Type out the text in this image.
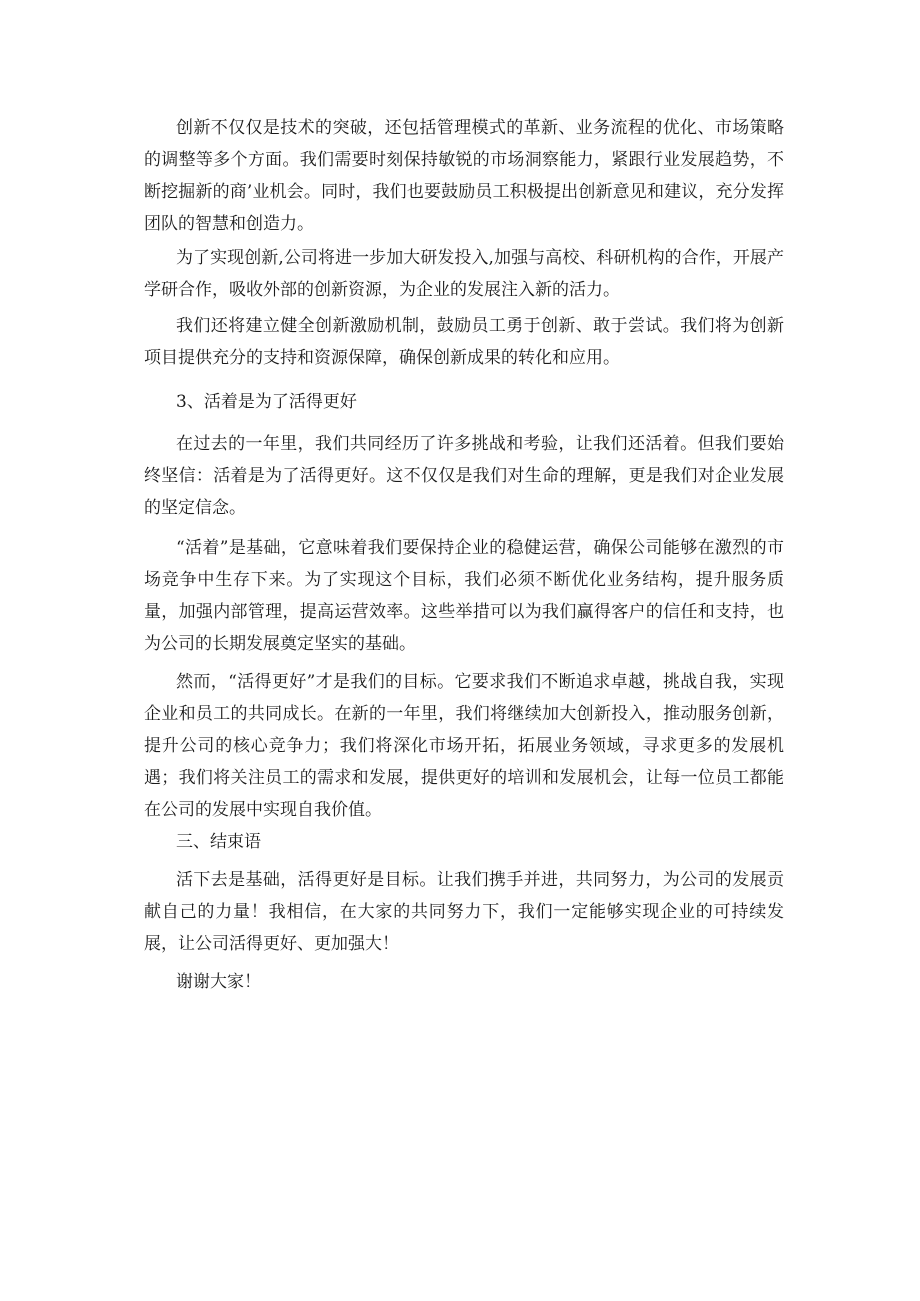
创新不仅仅是技术的突破，还包括管理模式的革新、业务流程的优化、市场策略的调整等多个方面。我们需要时刻保持敏锐的市场洞察能力，紧跟行业发展趋势，不断挖掘新的商’业机会。同时，我们也要鼓励员工积极提出创新意见和建议，充分发挥团队的智慧和创造力。

为了实现创新,公司将进一步加大研发投入,加强与高校、科研机构的合作，开展产学研合作，吸收外部的创新资源，为企业的发展注入新的活力。

我们还将建立健全创新激励机制，鼓励员工勇于创新、敢于尝试。我们将为创新项目提供充分的支持和资源保障，确保创新成果的转化和应用。

3、活着是为了活得更好

在过去的一年里，我们共同经历了许多挑战和考验，让我们还活着。但我们要始终坚信：活着是为了活得更好。这不仅仅是我们对生命的理解，更是我们对企业发展的坚定信念。

“活着”是基础，它意味着我们要保持企业的稳健运营，确保公司能够在激烈的市场竞争中生存下来。为了实现这个目标，我们必须不断优化业务结构，提升服务质量，加强内部管理，提高运营效率。这些举措可以为我们赢得客户的信任和支持，也为公司的长期发展奠定坚实的基础。

然而，“活得更好”才是我们的目标。它要求我们不断追求卓越，挑战自我，实现企业和员工的共同成长。在新的一年里，我们将继续加大创新投入，推动服务创新，提升公司的核心竞争力；我们将深化市场开拓，拓展业务领域，寻求更多的发展机遇；我们将关注员工的需求和发展，提供更好的培训和发展机会，让每一位员工都能在公司的发展中实现自我价值。

三、结束语

活下去是基础，活得更好是目标。让我们携手并进，共同努力，为公司的发展贡献自己的力量！我相信，在大家的共同努力下，我们一定能够实现企业的可持续发展，让公司活得更好、更加强大！

谢谢大家！
